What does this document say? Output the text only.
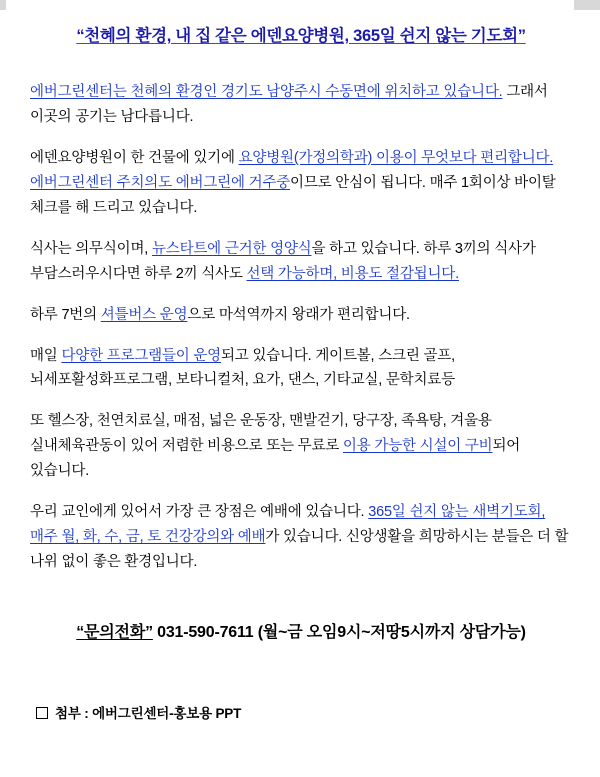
“천혜의 환경, 내 집 같은 에덴요양병원, 365일 쉰지 않는 기도회”

에버그린센터는 천혜의 환경인 경기도 남양주시 수동면에 위치하고 있습니다. 그래서 이곳의 공기는 남다릅니다.

에덴요양병원이 한 건물에 있기에 요양병원(가정의학과) 이용이 무엇보다 편리합니다.
에버그린센터 주치의도 에버그린에 거주중이므로 안심이 됩니다. 매주 1회이상 바이탈 체크를 해 드리고 있습니다.

식사는 의무식이며, 뉴스타트에 근거한 영양식을 하고 있습니다. 하루 3끼의 식사가 부담스러우시다면 하루 2끼 식사도 선택 가능하며, 비용도 절감됩니다.

하루 7번의 셔틀버스 운영으로 마석역까지 왕래가 편리합니다.

매일 다양한 프로그램들이 운영되고 있습니다. 게이트볼, 스크린 골프, 뇌세포활성화프로그램, 보타니컬처, 요가, 댄스, 기타교실, 문학치료등

또 헬스장, 천연치료실, 매점, 넓은 운동장, 맨발걷기, 당구장, 족욕탕, 겨울용 실내체육관동이 있어 저렴한 비용으로 또는 무료로 이용 가능한 시설이 구비되어 있습니다.

우리 교인에게 있어서 가장 큰 장점은 예배에 있습니다. 365일 쉰지 않는 새벽기도회, 매주 월, 화, 수, 금, 토 건강강의와 예배가 있습니다. 신앙생활을 희망하시는 분들은 더 할 나위 없이 좋은 환경입니다.

“문의전화” 031-590-7611 (월~금 오임9시~저땅5시까지 상담가능)
첨부 : 에버그린센터-홍보용 PPT
